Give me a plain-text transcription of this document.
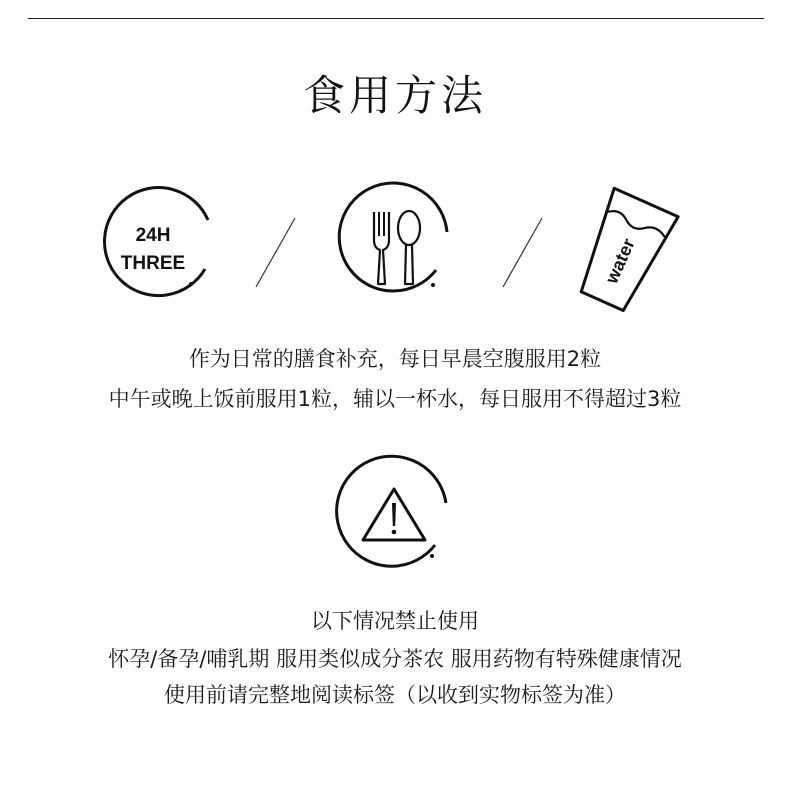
食用方法
24H
THREE	water
作为日常的膳食补充，每日早晨空腹服用2粒
中午或晚上饭前服用1粒，辅以一杯水，每日服用不得超过3粒
以下情况禁止使用
怀孕/备孕/哺乳期 服用类似成分茶农 服用药物有特殊健康情况
使用前请完整地阅读标签（以收到实物标签为准）
